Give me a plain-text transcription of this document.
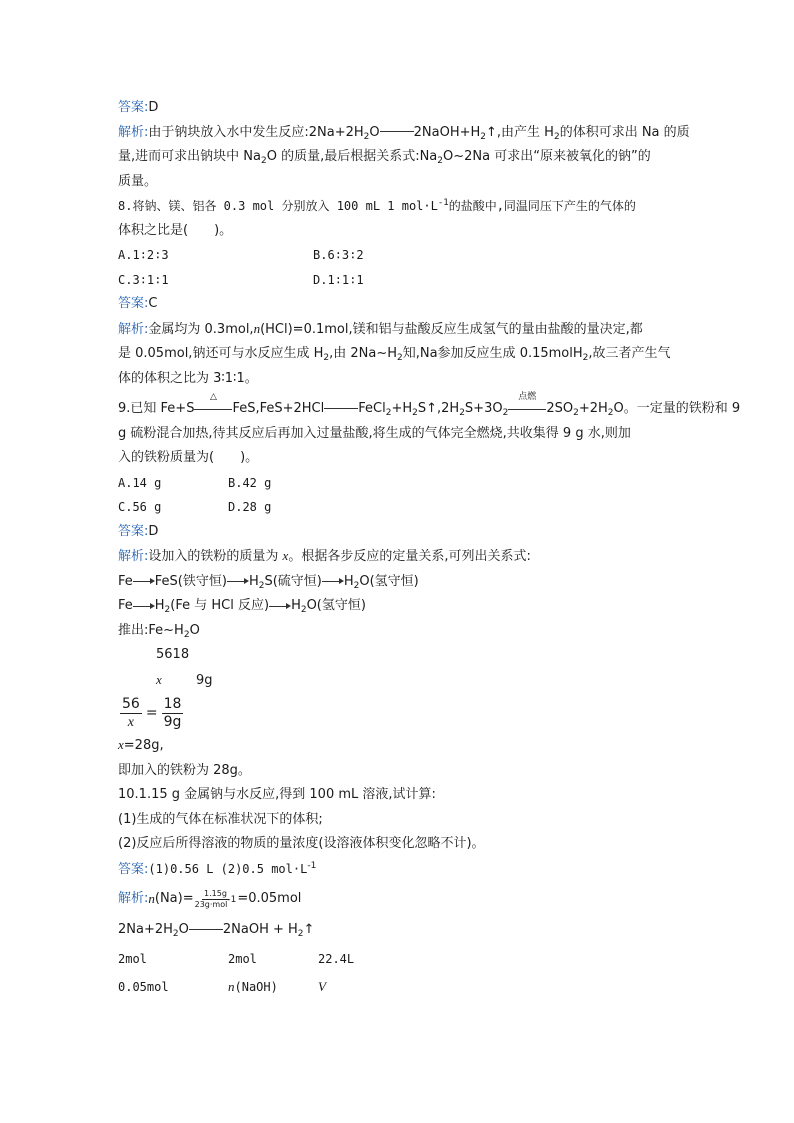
答案:D
解析:由于钠块放入水中发生反应$:2Na+2H_2O$	$2NaOH+H_2↑$,由产生 $H_2$的体积可求出 Na 的质
量,进而可求出钠块中 $Na_2O$ 的质量,最后根据关系式$:Na_2O\sim 2Na$ 可求出“原来被氧化的钠”的
质量。
8.将钠、镁、铝各 0.3 mol 分别放入 100 mL 1 $mol\cdot L^{-1}$的盐酸中,同温同压下产生的气体的
体积之比是(　　)。
A.1∶2∶3	B.6∶3∶2
C.3∶1∶1	D.1∶1∶1
答案:C
解析:金属均为 0.3mol,n(HCl)=0.1mol,镁和铝与盐酸反应生成氢气的量由盐酸的量决定,都
是 0.05mol,钠还可与水反应生成 $H_2$,由 $2Na\sim H_2$知,Na参加反应生成 0.15molH$_2$,故三者产生气
体的体积之比为 3∶1∶1。
9.已知 Fe+S
△
FeS,FeS+2HCl	$FeCl_2+H_2S↑,2H_2S+3O_2$
点燃
$2SO_2+2H_2O$。一定量的铁粉和 9
g 硫粉混合加热,待其反应后再加入过量盐酸,将生成的气体完全燃烧,共收集得 9 g 水,则加
入的铁粉质量为(　　)。
A.14 g	B.42 g
C.56 g	D.28 g
答案:D
解析:设加入的铁粉的质量为 x。根据各步反应的定量关系,可列出关系式:
Fe FeS(铁守恒) $H_2S$(硫守恒) $H_2O$(氢守恒)
Fe $H_2(Fe$ 与 HCl 反应) $H_2O$(氢守恒)
推出$:Fe\sim H_2O$
5618
x	9g
$\frac{56}{x} = \frac{18}{9g}$
x=28g,
即加入的铁粉为 28g。
10.1.15 g 金属钠与水反应,得到 100 mL 溶液,试计算:
(1)生成的气体在标准状况下的体积;
(2)反应后所得溶液的物质的量浓度(设溶液体积变化忽略不计)。
答案:(1)0.56 L (2)0.5 $mol\cdot L^{-1}$
解析: n (Na)= 1.15g
23g·mol$^{-1}$ =0.05mol
$2Na+2H_2O$	2NaOH + $H_2↑$
2mol	2mol	22.4L
0.05mol	n(NaOH)	V
